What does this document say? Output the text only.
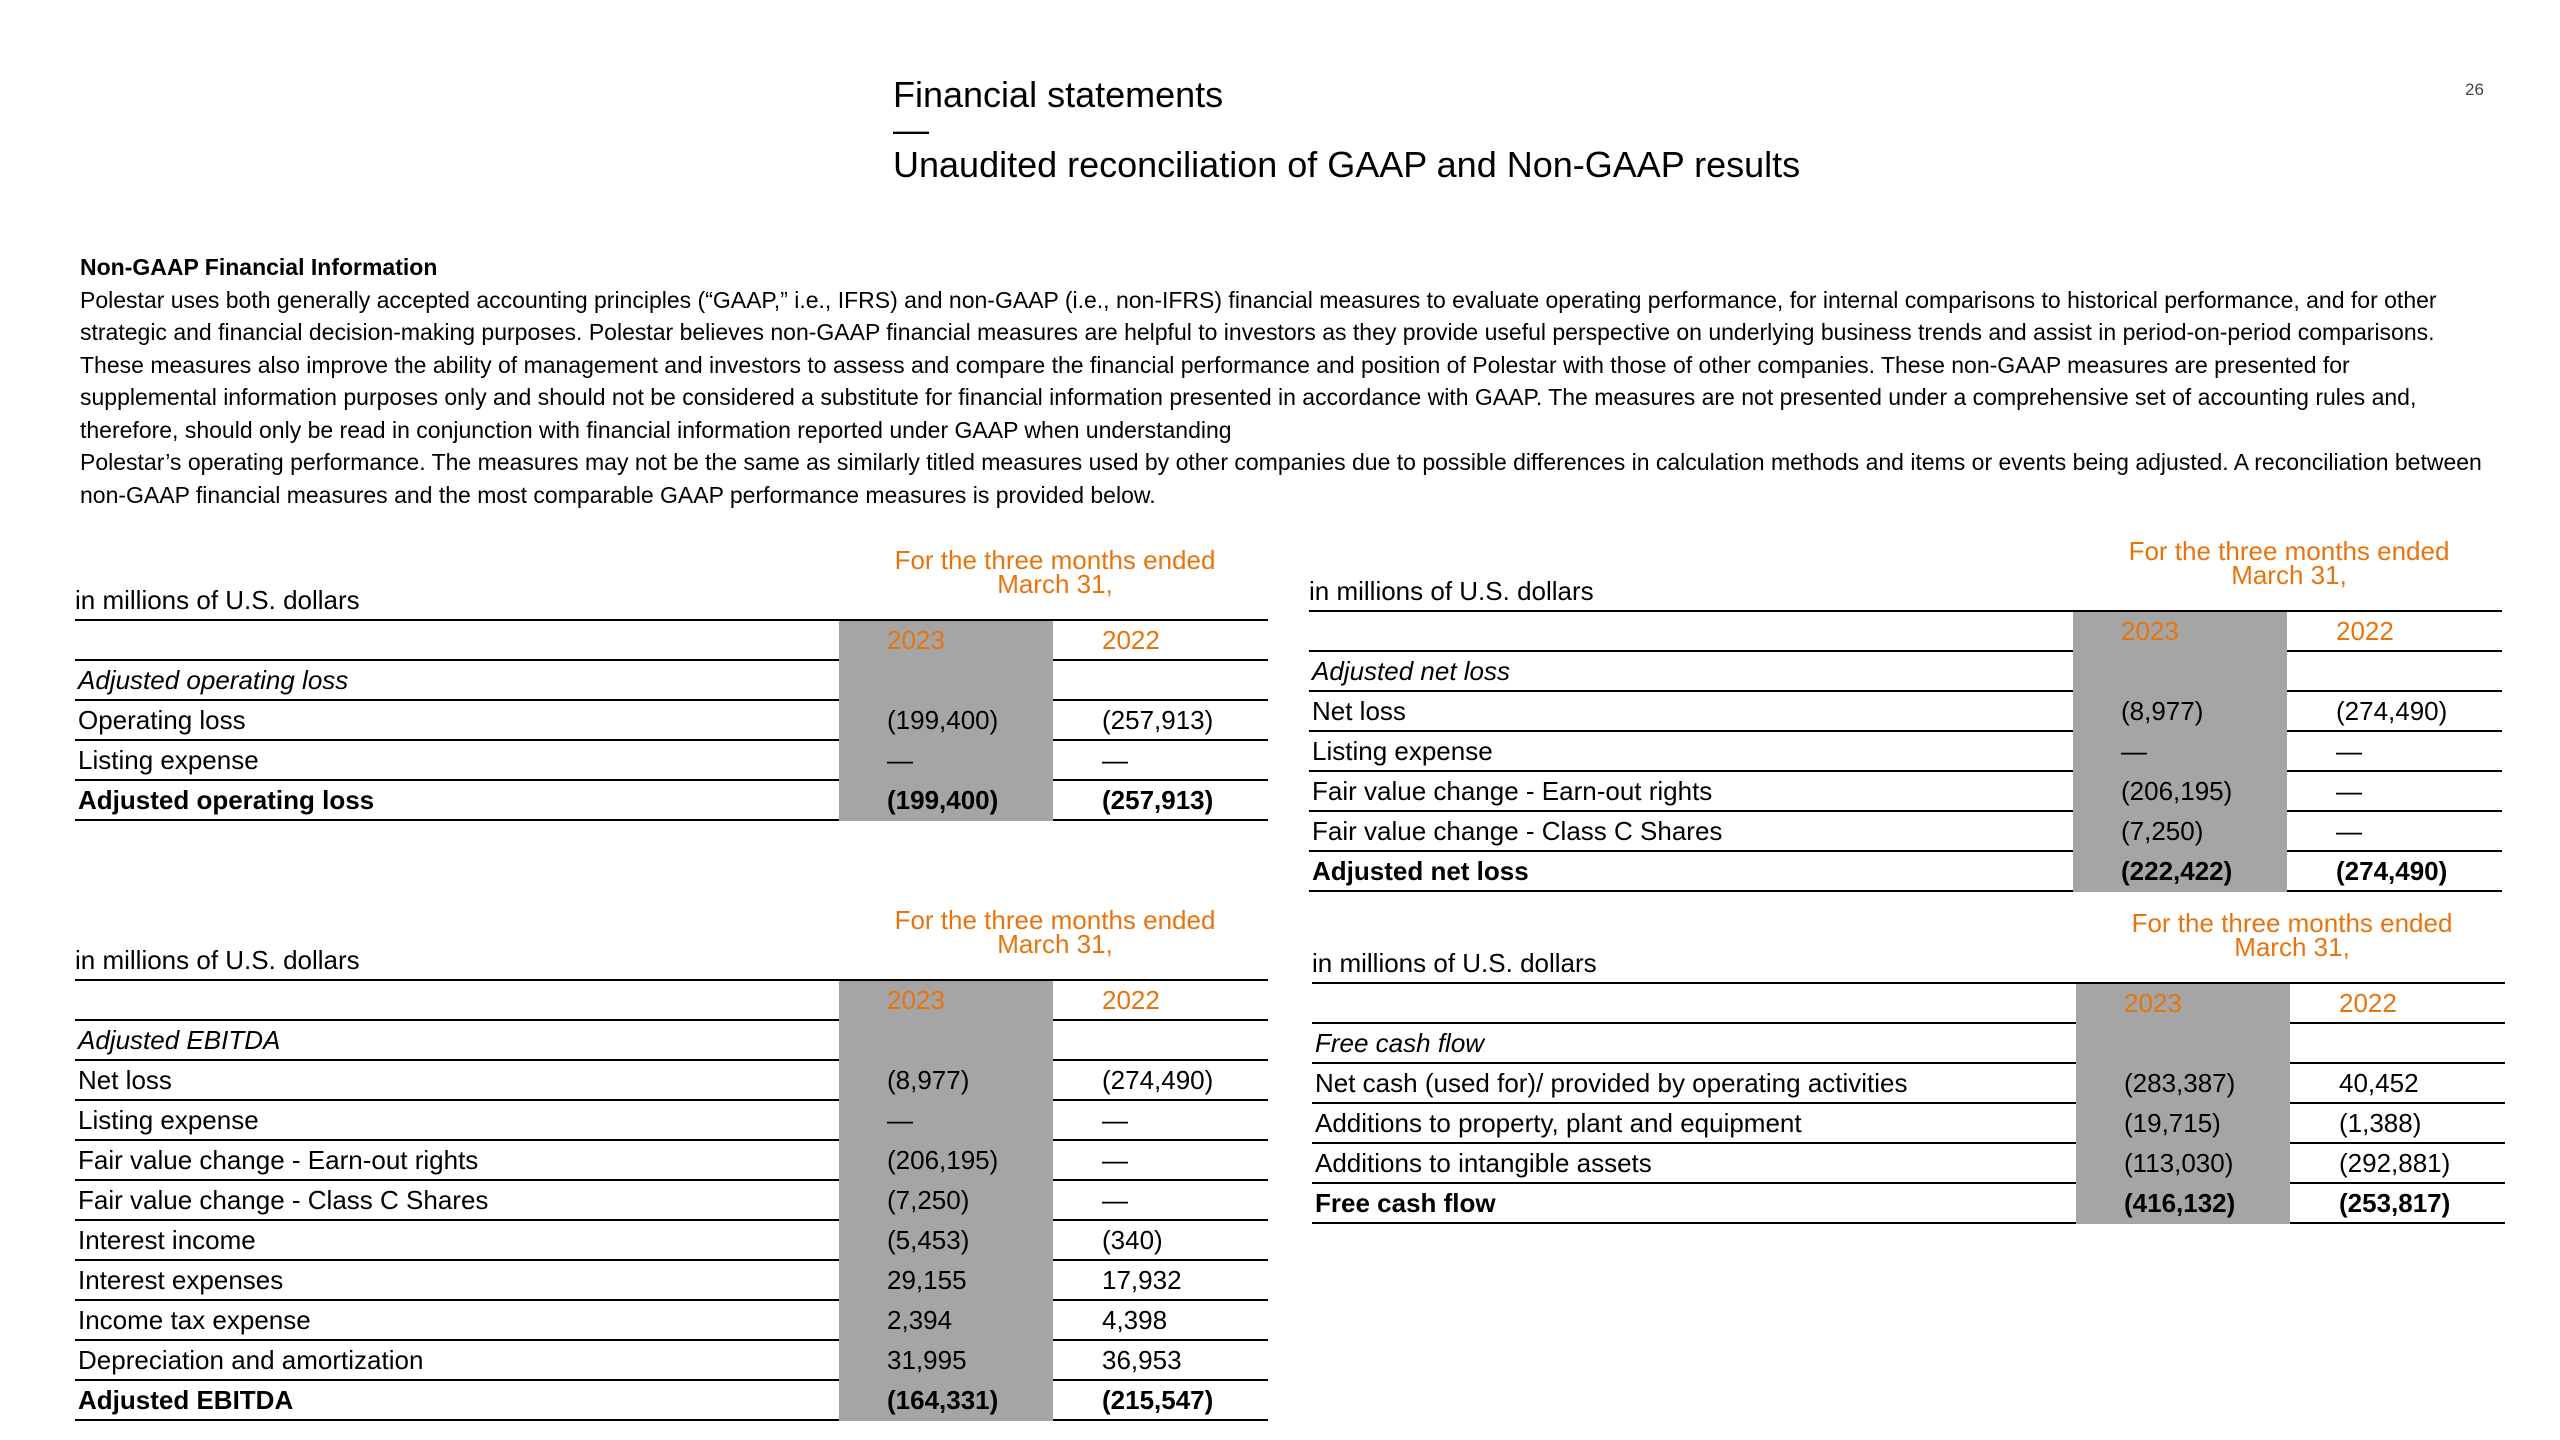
Financial statements
—
Unaudited reconciliation of GAAP and Non-GAAP results
26

Non-GAAP Financial Information

Polestar uses both generally accepted accounting principles (“GAAP,” i.e., IFRS) and non-GAAP (i.e., non-IFRS) financial measures to evaluate operating performance, for internal comparisons to historical performance, and for other strategic and financial decision-making purposes. Polestar believes non-GAAP financial measures are helpful to investors as they provide useful perspective on underlying business trends and assist in period-on-period comparisons. These measures also improve the ability of management and investors to assess and compare the financial performance and position of Polestar with those of other companies. These non-GAAP measures are presented for supplemental information purposes only and should not be considered a substitute for financial information presented in accordance with GAAP. The measures are not presented under a comprehensive set of accounting rules and, therefore, should only be read in conjunction with financial information reported under GAAP when understanding

Polestar’s operating performance. The measures may not be the same as similarly titled measures used by other companies due to possible differences in calculation methods and items or events being adjusted. A reconciliation between non-GAAP financial measures and the most comparable GAAP performance measures is provided below.

in millions of U.S. dollars
For the three months ended
March 31,
2023	2022
Adjusted operating loss
Operating loss	(199,400)	(257,913)
Listing expense	—	—
Adjusted operating loss	(199,400)	(257,913)
in millions of U.S. dollars
For the three months ended
March 31,
2023	2022
Adjusted net loss
Net loss	(8,977)	(274,490)
Listing expense	—	—
Fair value change - Earn-out rights	(206,195)	—
Fair value change - Class C Shares	(7,250)	—
Adjusted net loss	(222,422)	(274,490)
in millions of U.S. dollars
For the three months ended
March 31,
2023	2022
Adjusted EBITDA
Net loss	(8,977)	(274,490)
Listing expense	—	—
Fair value change - Earn-out rights	(206,195)	—
Fair value change - Class C Shares	(7,250)	—
Interest income	(5,453)	(340)
Interest expenses	29,155	17,932
Income tax expense	2,394	4,398
Depreciation and amortization	31,995	36,953
Adjusted EBITDA	(164,331)	(215,547)
in millions of U.S. dollars
For the three months ended
March 31,
2023	2022
Free cash flow
Net cash (used for)/ provided by operating activities	(283,387)	40,452
Additions to property, plant and equipment	(19,715)	(1,388)
Additions to intangible assets	(113,030)	(292,881)
Free cash flow	(416,132)	(253,817)
